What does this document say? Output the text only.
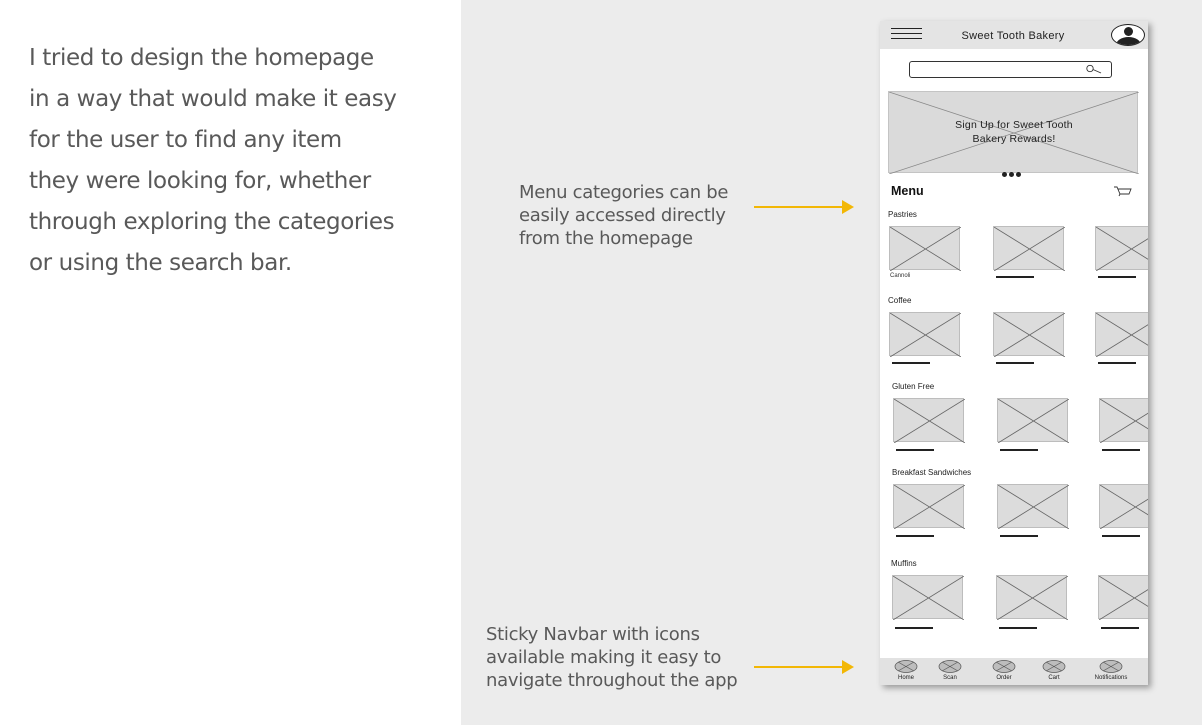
I tried to design the homepage
in a way that would make it easy
for the user to find any item
they were looking for, whether
through exploring the categories
or using the search bar.
Menu categories can be
easily accessed directly
from the homepage
Sticky Navbar with icons
available making it easy to
navigate throughout the app
Sweet Tooth Bakery
Sign Up for Sweet Tooth
Bakery Rewards!
Menu
Pastries
Cannoli
Coffee
Gluten Free
Breakfast Sandwiches
Muffins
Home	Scan	Order	Cart	Notifications
